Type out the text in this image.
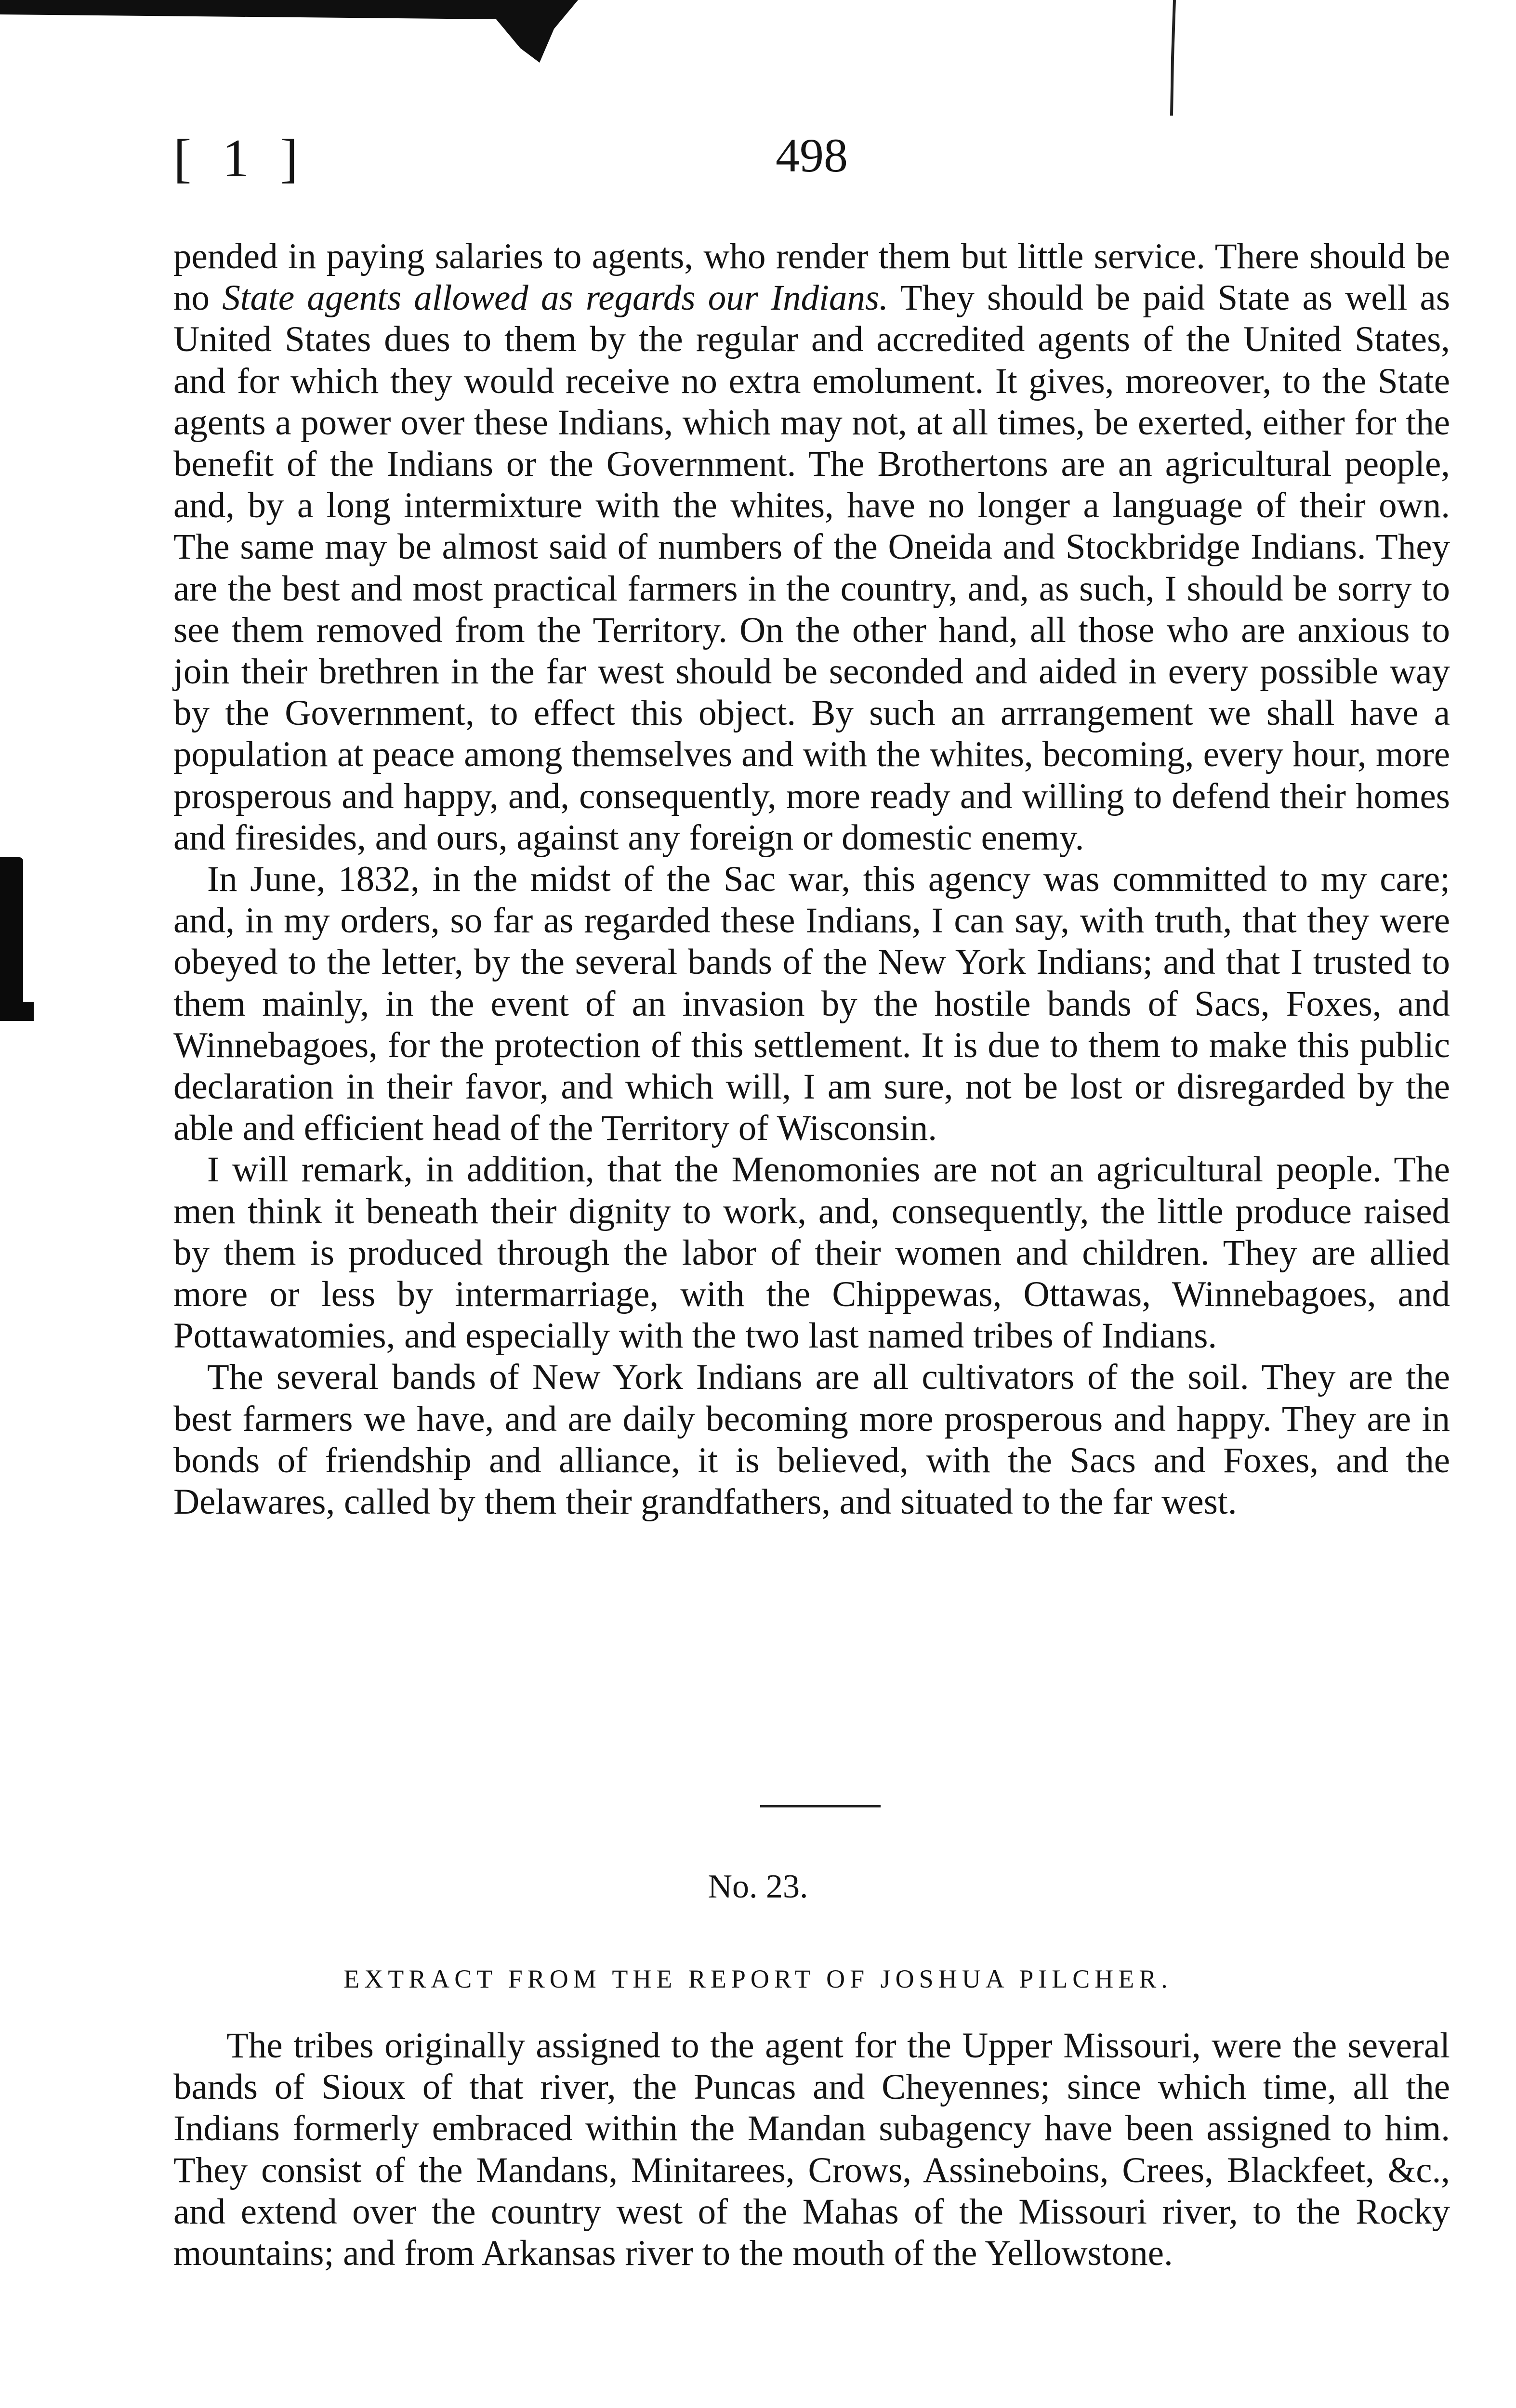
[ 1 ]	498

pended in paying salaries to agents, who render them but little service. There should be no State agents allowed as regards our Indians. They should be paid State as well as United States dues to them by the regular and accredited agents of the United States, and for which they would receive no extra emolument. It gives, moreover, to the State agents a power over these Indians, which may not, at all times, be exerted, either for the benefit of the Indians or the Government. The Brothertons are an agricultural people, and, by a long intermixture with the whites, have no longer a language of their own. The same may be almost said of numbers of the Oneida and Stockbridge Indians. They are the best and most practical farmers in the country, and, as such, I should be sorry to see them removed from the Territory. On the other hand, all those who are anxious to join their brethren in the far west should be seconded and aided in every possible way by the Government, to effect this object. By such an arrrangement we shall have a population at peace among themselves and with the whites, becoming, every hour, more prosperous and happy, and, consequently, more ready and willing to defend their homes and firesides, and ours, against any foreign or domestic enemy.

In June, 1832, in the midst of the Sac war, this agency was committed to my care; and, in my orders, so far as regarded these Indians, I can say, with truth, that they were obeyed to the letter, by the several bands of the New York Indians; and that I trusted to them mainly, in the event of an invasion by the hostile bands of Sacs, Foxes, and Winnebagoes, for the protection of this settlement. It is due to them to make this public declaration in their favor, and which will, I am sure, not be lost or disregarded by the able and efficient head of the Territory of Wisconsin.

I will remark, in addition, that the Menomonies are not an agricultural people. The men think it beneath their dignity to work, and, consequently, the little produce raised by them is produced through the labor of their women and children. They are allied more or less by intermarriage, with the Chippewas, Ottawas, Winnebagoes, and Pottawatomies, and especially with the two last named tribes of Indians.

The several bands of New York Indians are all cultivators of the soil. They are the best farmers we have, and are daily becoming more prosperous and happy. They are in bonds of friendship and alliance, it is believed, with the Sacs and Foxes, and the Delawares, called by them their grandfathers, and situated to the far west.

No. 23.
EXTRACT FROM THE REPORT OF JOSHUA PILCHER.

The tribes originally assigned to the agent for the Upper Missouri, were the several bands of Sioux of that river, the Puncas and Cheyennes; since which time, all the Indians formerly embraced within the Mandan subagency have been assigned to him. They consist of the Mandans, Minitarees, Crows, Assineboins, Crees, Blackfeet, &c., and extend over the country west of the Mahas of the Missouri river, to the Rocky mountains; and from Arkansas river to the mouth of the Yellowstone.
